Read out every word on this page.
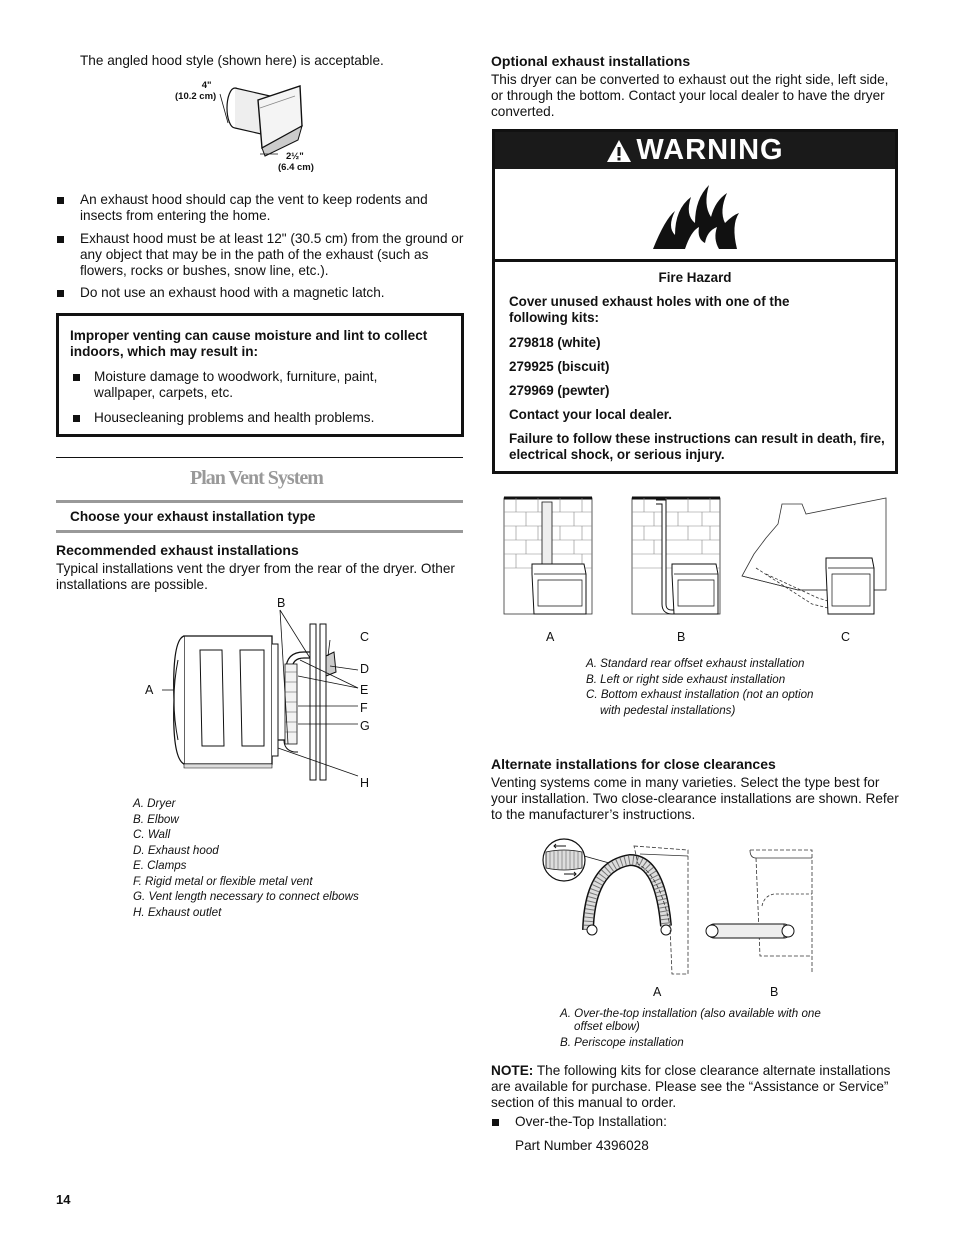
The angled hood style (shown here) is acceptable.
4"
(10.2 cm)
2½"
(6.4 cm)
An exhaust hood should cap the vent to keep rodents and insects from entering the home.
Exhaust hood must be at least 12" (30.5 cm) from the ground or any object that may be in the path of the exhaust (such as flowers, rocks or bushes, snow line, etc.).
Do not use an exhaust hood with a magnetic latch.
Improper venting can cause moisture and lint to collect indoors, which may result in:
Moisture damage to woodwork, furniture, paint, wallpaper, carpets, etc.
Housecleaning problems and health problems.
Plan Vent System
Choose your exhaust installation type
Recommended exhaust installations
Typical installations vent the dryer from the rear of the dryer. Other installations are possible.
A
B
C
D
E
F
G
H
A. Dryer
B. Elbow
C. Wall
D. Exhaust hood
E. Clamps
F. Rigid metal or flexible metal vent
G. Vent length necessary to connect elbows
H. Exhaust outlet
14
Optional exhaust installations
This dryer can be converted to exhaust out the right side, left side, or through the bottom. Contact your local dealer to have the dryer converted.
WARNING
Fire Hazard
Cover unused exhaust holes with one of the following kits:
279818 (white)
279925 (biscuit)
279969 (pewter)
Contact your local dealer.
Failure to follow these instructions can result in death, fire, electrical shock, or serious injury.
A	B	C
A. Standard rear offset exhaust installation
B. Left or right side exhaust installation
C. Bottom exhaust installation (not an option
with pedestal installations)
Alternate installations for close clearances
Venting systems come in many varieties. Select the type best for your installation. Two close-clearance installations are shown. Refer to the manufacturer’s instructions.
A	B
A. Over-the-top installation (also available with one
offset elbow)
B. Periscope installation
NOTE: The following kits for close clearance alternate installations are available for purchase. Please see the “Assistance or Service” section of this manual to order.
Over-the-Top Installation:
Part Number 4396028
